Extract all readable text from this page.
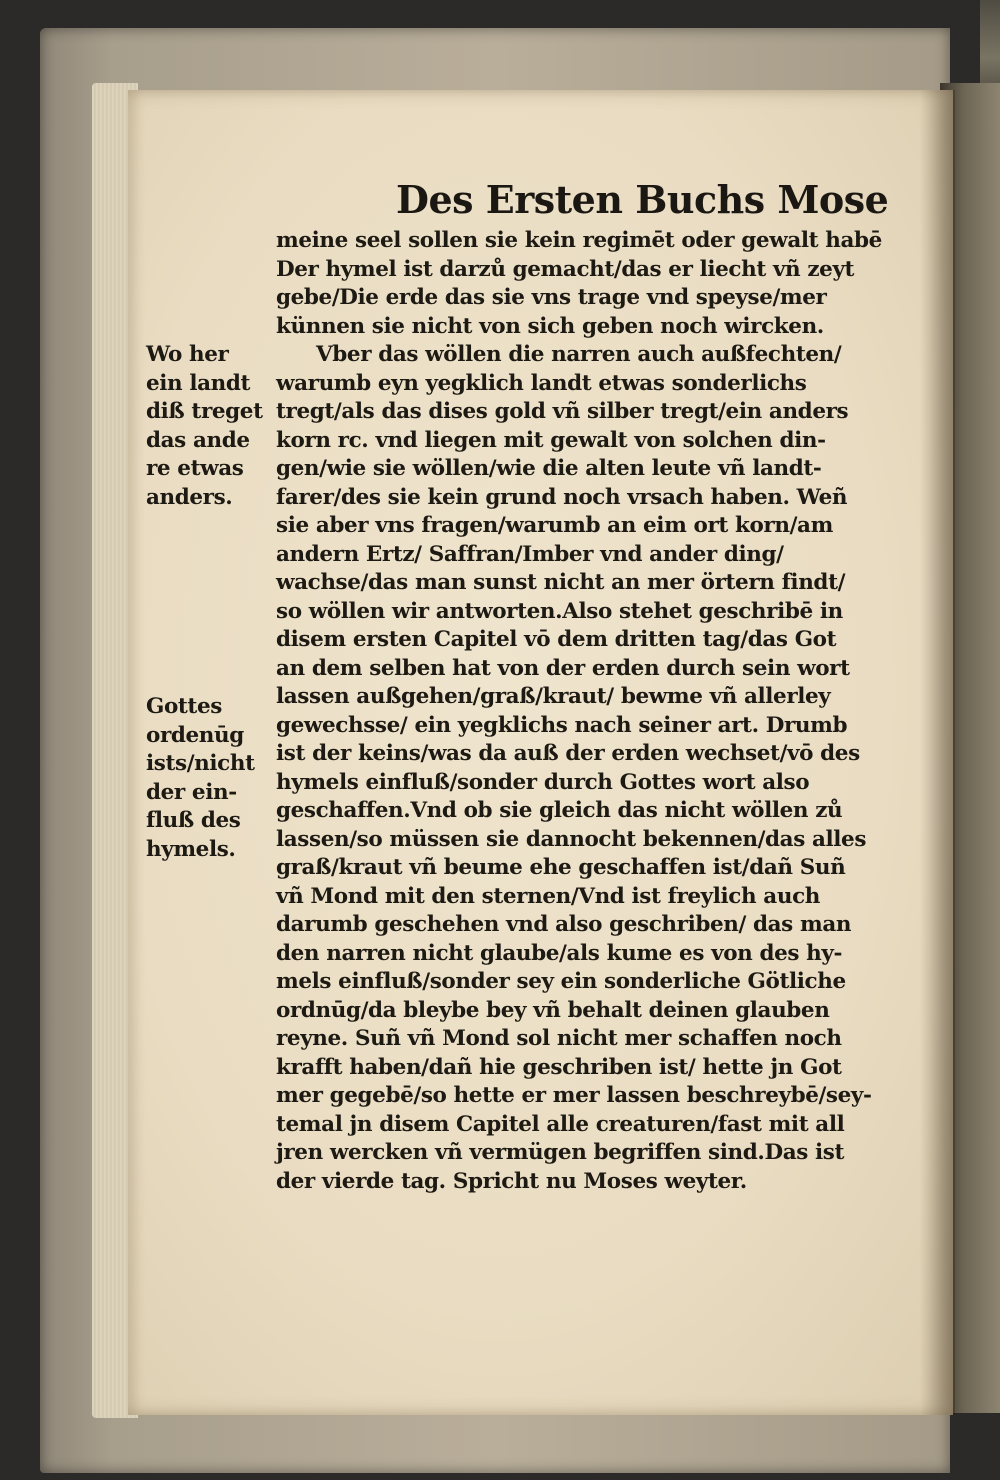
Des Ersten Buchs Mose
meine seel sollen sie kein regimēt oder gewalt habē
Der hymel ist darzů gemacht/das er liecht vñ zeyt
gebe/Die erde das sie vns trage vnd speyse/mer
künnen sie nicht von sich geben noch wircken.
Vber das wöllen die narren auch außfechten/
warumb eyn yegklich landt etwas sonderlichs
tregt/als das dises gold vñ silber tregt/ein anders
korn rc. vnd liegen mit gewalt von solchen din-
gen/wie sie wöllen/wie die alten leute vñ landt-
farer/des sie kein grund noch vrsach haben. Weñ
sie aber vns fragen/warumb an eim ort korn/am
andern Ertz/ Saffran/Imber vnd ander ding/
wachse/das man sunst nicht an mer örtern findt/
so wöllen wir antworten.Also stehet geschribē in
disem ersten Capitel vō dem dritten tag/das Got
an dem selben hat von der erden durch sein wort
lassen außgehen/graß/kraut/ bewme vñ allerley
gewechsse/ ein yegklichs nach seiner art. Drumb
ist der keins/was da auß der erden wechset/vō des
hymels einfluß/sonder durch Gottes wort also
geschaffen.Vnd ob sie gleich das nicht wöllen zů
lassen/so müssen sie dannocht bekennen/das alles
graß/kraut vñ beume ehe geschaffen ist/dañ Suñ
vñ Mond mit den sternen/Vnd ist freylich auch
darumb geschehen vnd also geschriben/ das man
den narren nicht glaube/als kume es von des hy-
mels einfluß/sonder sey ein sonderliche Götliche
ordnūg/da bleybe bey vñ behalt deinen glauben
reyne. Suñ vñ Mond sol nicht mer schaffen noch
krafft haben/dañ hie geschriben ist/ hette jn Got
mer gegebē/so hette er mer lassen beschreybē/sey-
temal jn disem Capitel alle creaturen/fast mit all
jren wercken vñ vermügen begriffen sind.Das ist
der vierde tag. Spricht nu Moses weyter.
Wo her
ein landt
diß treget
das ande
re etwas
anders.
Gottes
ordenūg
ists/nicht
der ein-
fluß des
hymels.
